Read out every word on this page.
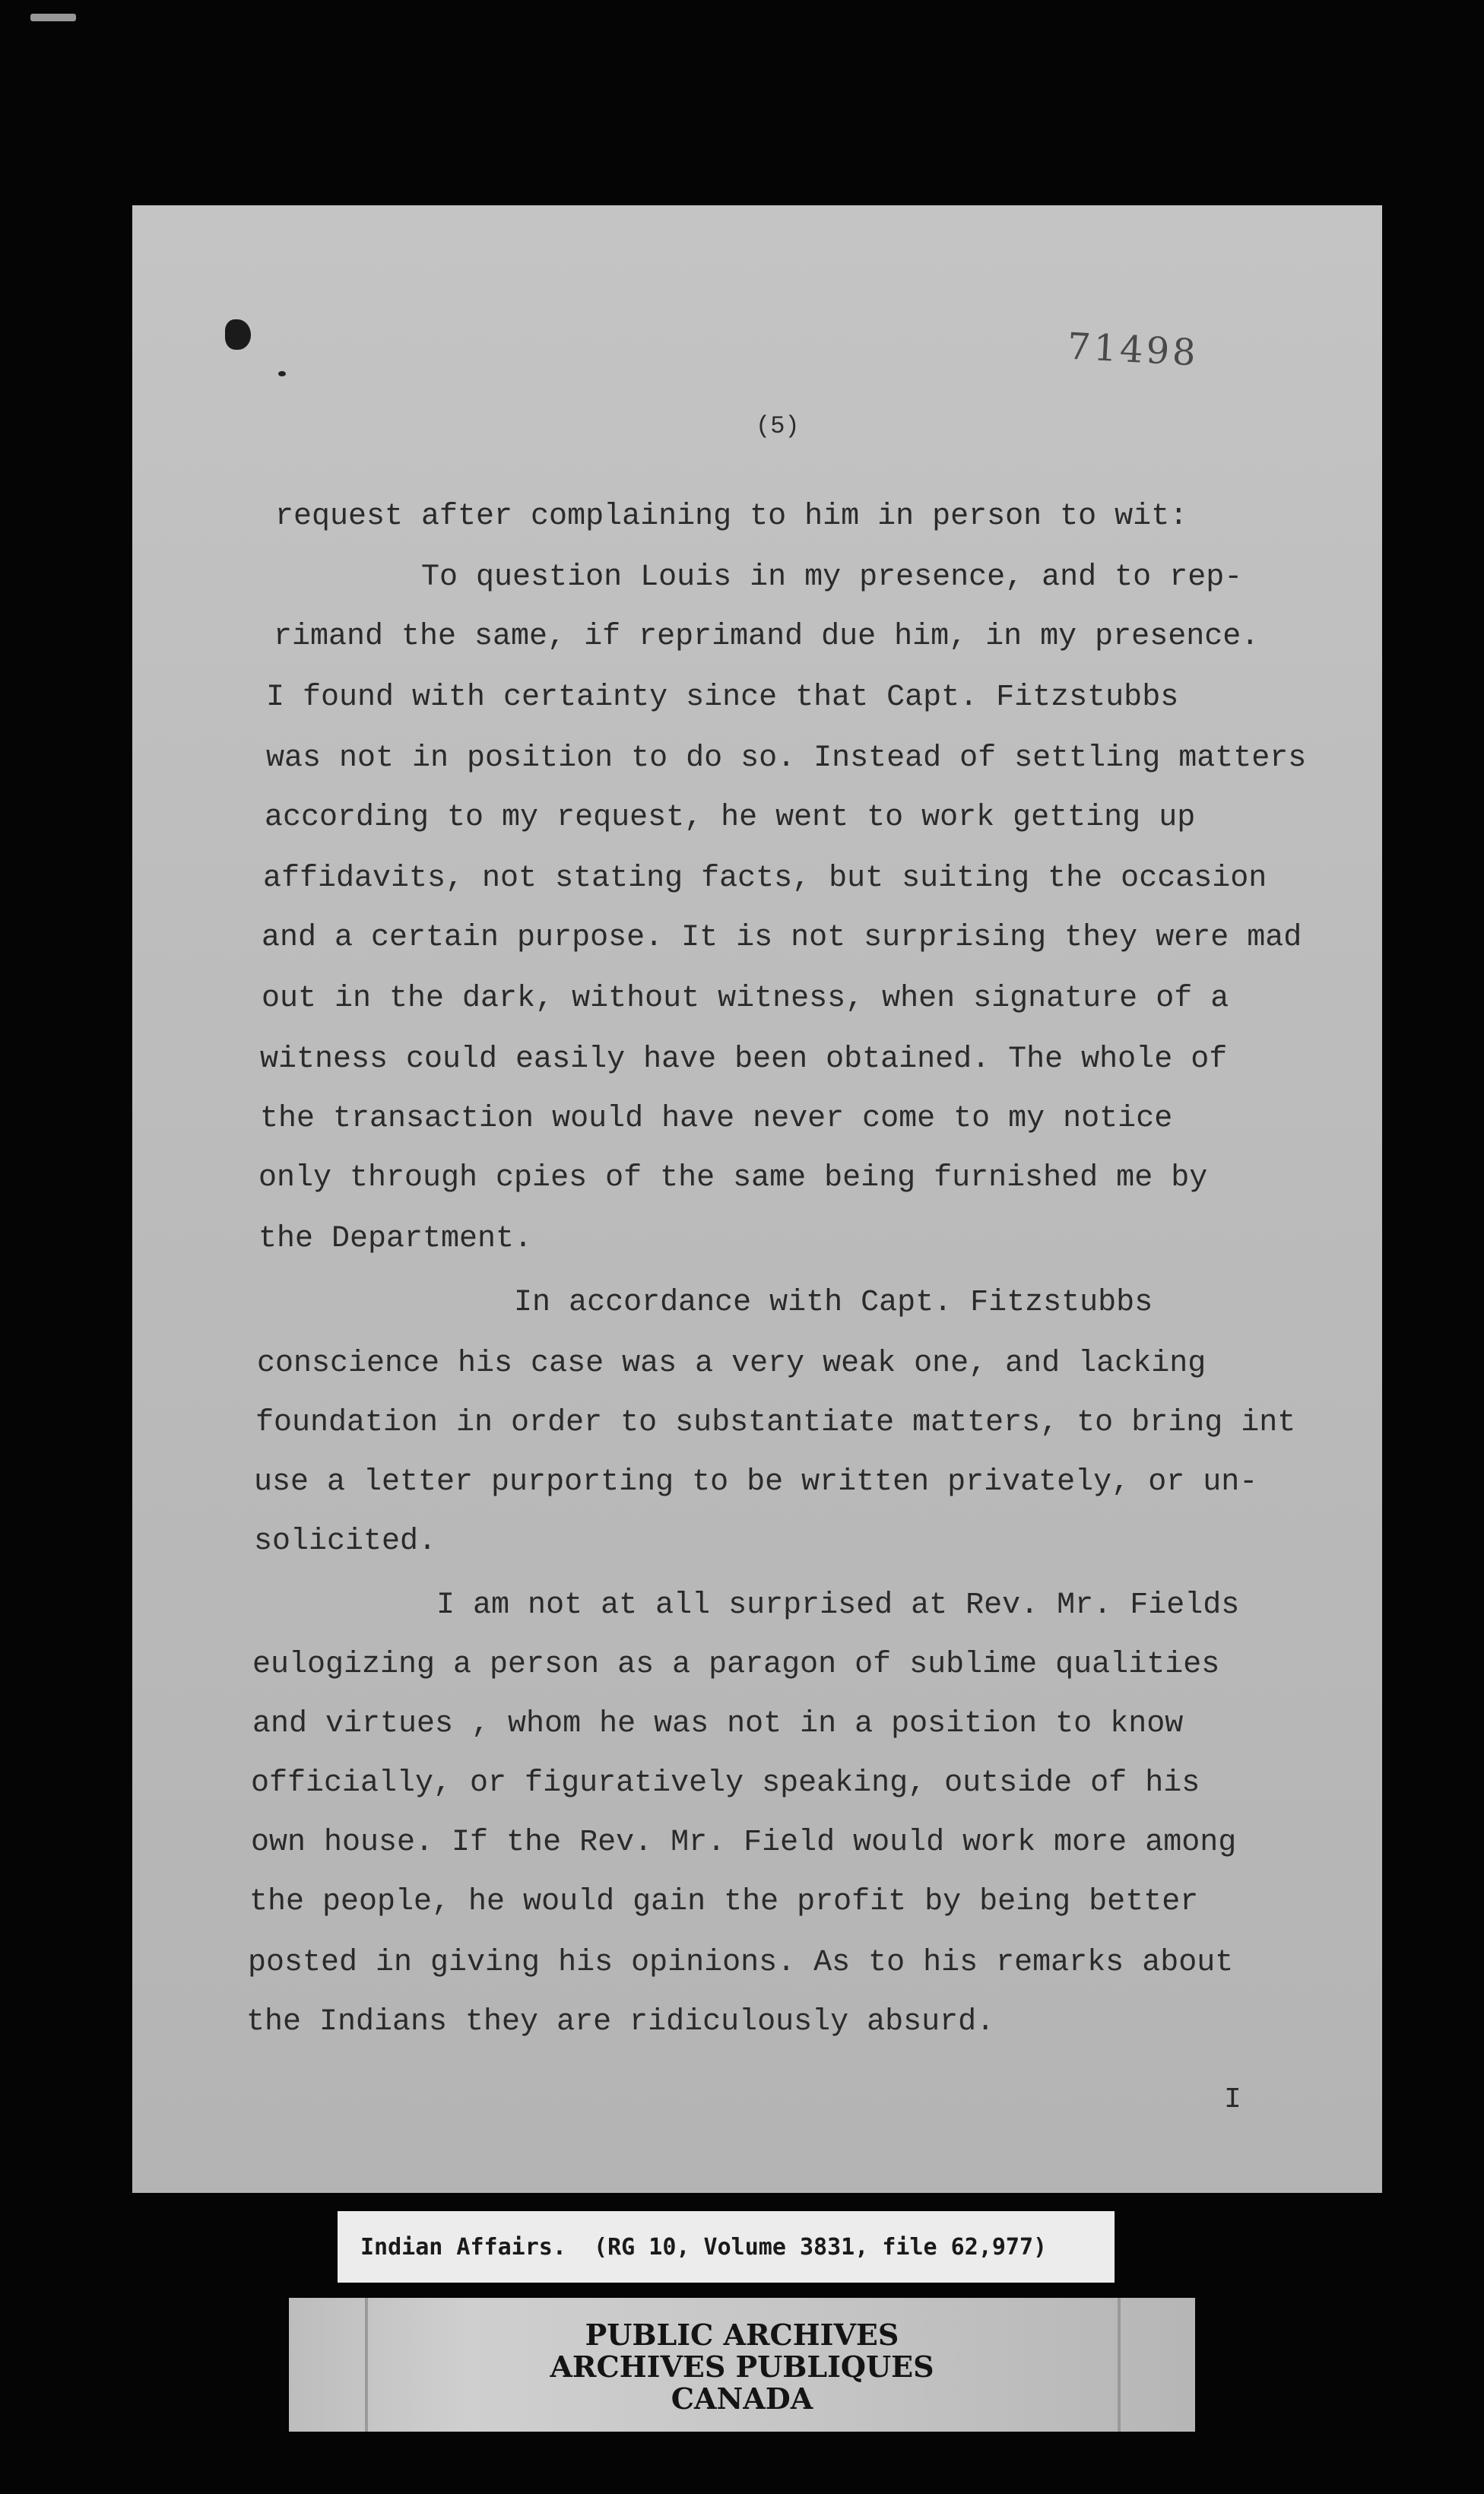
71498
(5)
request after complaining to him in person to wit:
To question Louis in my presence, and to rep-
rimand the same, if reprimand due him, in my presence.
I found with certainty since that Capt. Fitzstubbs
was not in position to do so. Instead of settling matters
according to my request, he went to work getting up
affidavits, not stating facts, but suiting the occasion
and a certain purpose. It is not surprising they were mad
out in the dark, without witness, when signature of a
witness could easily have been obtained. The whole of
the transaction would have never come to my notice
only through cpies of the same being furnished me by
the Department.
In accordance with Capt. Fitzstubbs
conscience his case was a very weak one, and lacking
foundation in order to substantiate matters, to bring int
use a letter purporting to be written privately, or un-
solicited.
I am not at all surprised at Rev. Mr. Fields
eulogizing a person as a paragon of sublime qualities
and virtues , whom he was not in a position to know
officially, or figuratively speaking, outside of his
own house. If the Rev. Mr. Field would work more among
the people, he would gain the profit by being better
posted in giving his opinions. As to his remarks about
the Indians they are ridiculously absurd.
I
Indian Affairs.  (RG 10, Volume 3831, file 62,977)
PUBLIC ARCHIVES
ARCHIVES PUBLIQUES
CANADA
